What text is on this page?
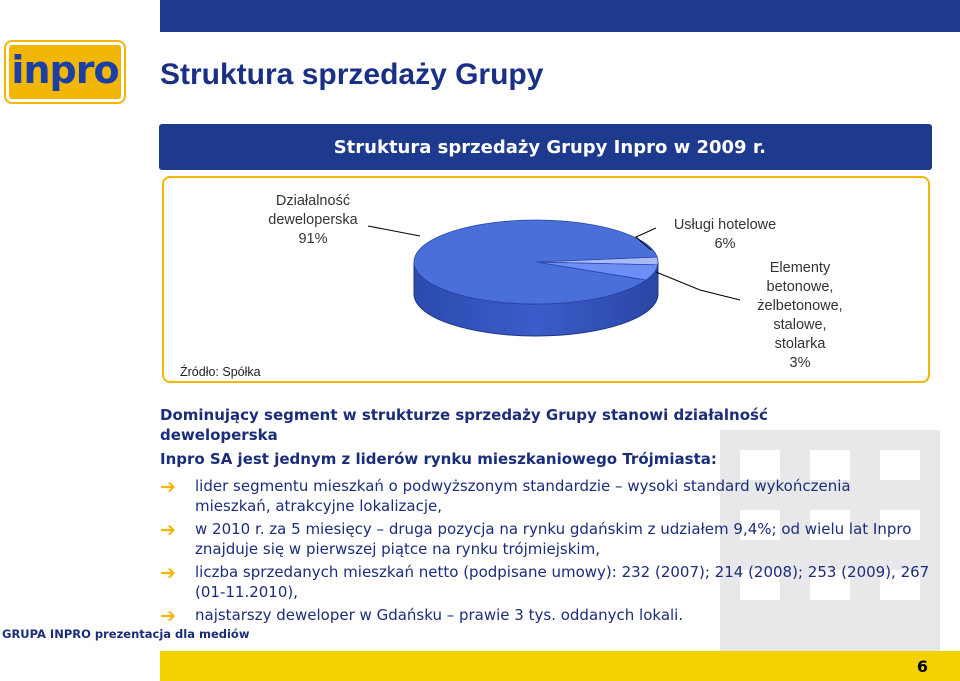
inpro Struktura sprzedaży Grupy
Struktura sprzedaży Grupy Inpro w 2009 r.
Działalność
deweloperska
91%
Usługi hotelowe
6%
Elementy
betonowe,
żelbetonowe,
stalowe,
stolarka
3%
Źródło: Spółka
Dominujący segment w strukturze sprzedaży Grupy stanowi działalność deweloperska
Inpro SA jest jednym z liderów rynku mieszkaniowego Trójmiasta:
➔ lider segmentu mieszkań o podwyższonym standardzie – wysoki standard wykończenia mieszkań, atrakcyjne lokalizacje,
➔ w 2010 r. za 5 miesięcy – druga pozycja na rynku gdańskim z udziałem 9,4%; od wielu lat Inpro znajduje się w pierwszej piątce na rynku trójmiejskim,
➔ liczba sprzedanych mieszkań netto (podpisane umowy): 232 (2007); 214 (2008); 253 (2009), 267 (01-11.2010),
➔ najstarszy deweloper w Gdańsku – prawie 3 tys. oddanych lokali.
GRUPA INPRO prezentacja dla mediów
6
